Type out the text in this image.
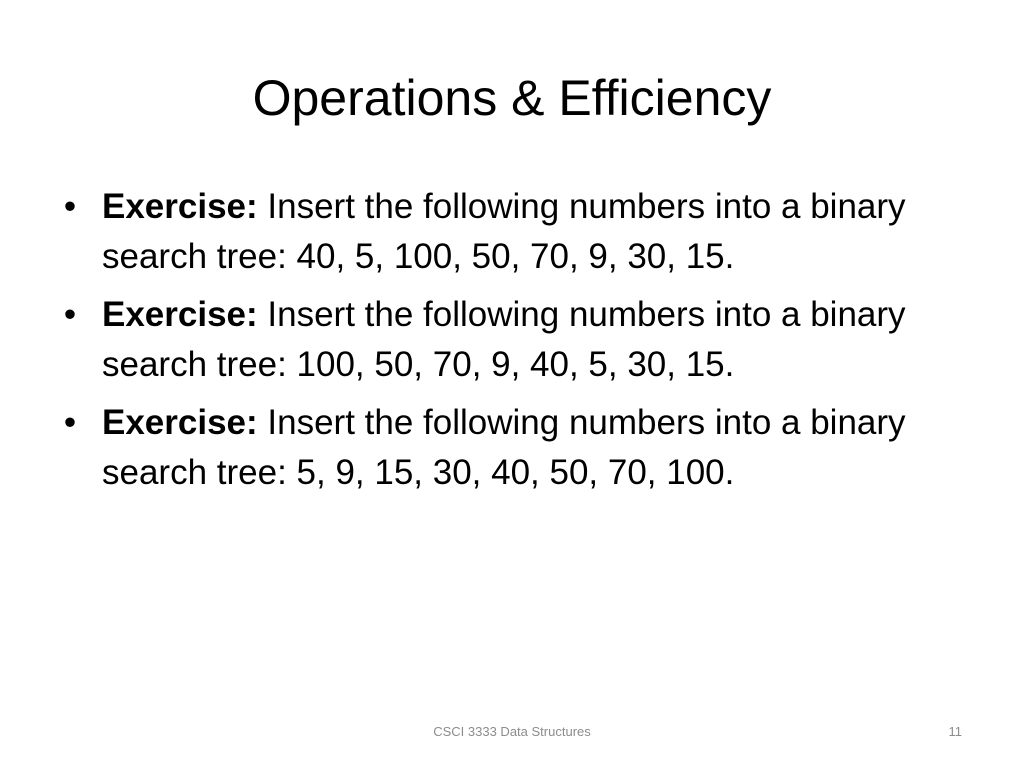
Operations & Efficiency
• Exercise: Insert the following numbers into a binary search tree: 40, 5, 100, 50, 70, 9, 30, 15.
• Exercise: Insert the following numbers into a binary search tree: 100, 50, 70, 9, 40, 5, 30, 15.
• Exercise: Insert the following numbers into a binary search tree: 5, 9, 15, 30, 40, 50, 70, 100.
CSCI 3333 Data Structures	11
